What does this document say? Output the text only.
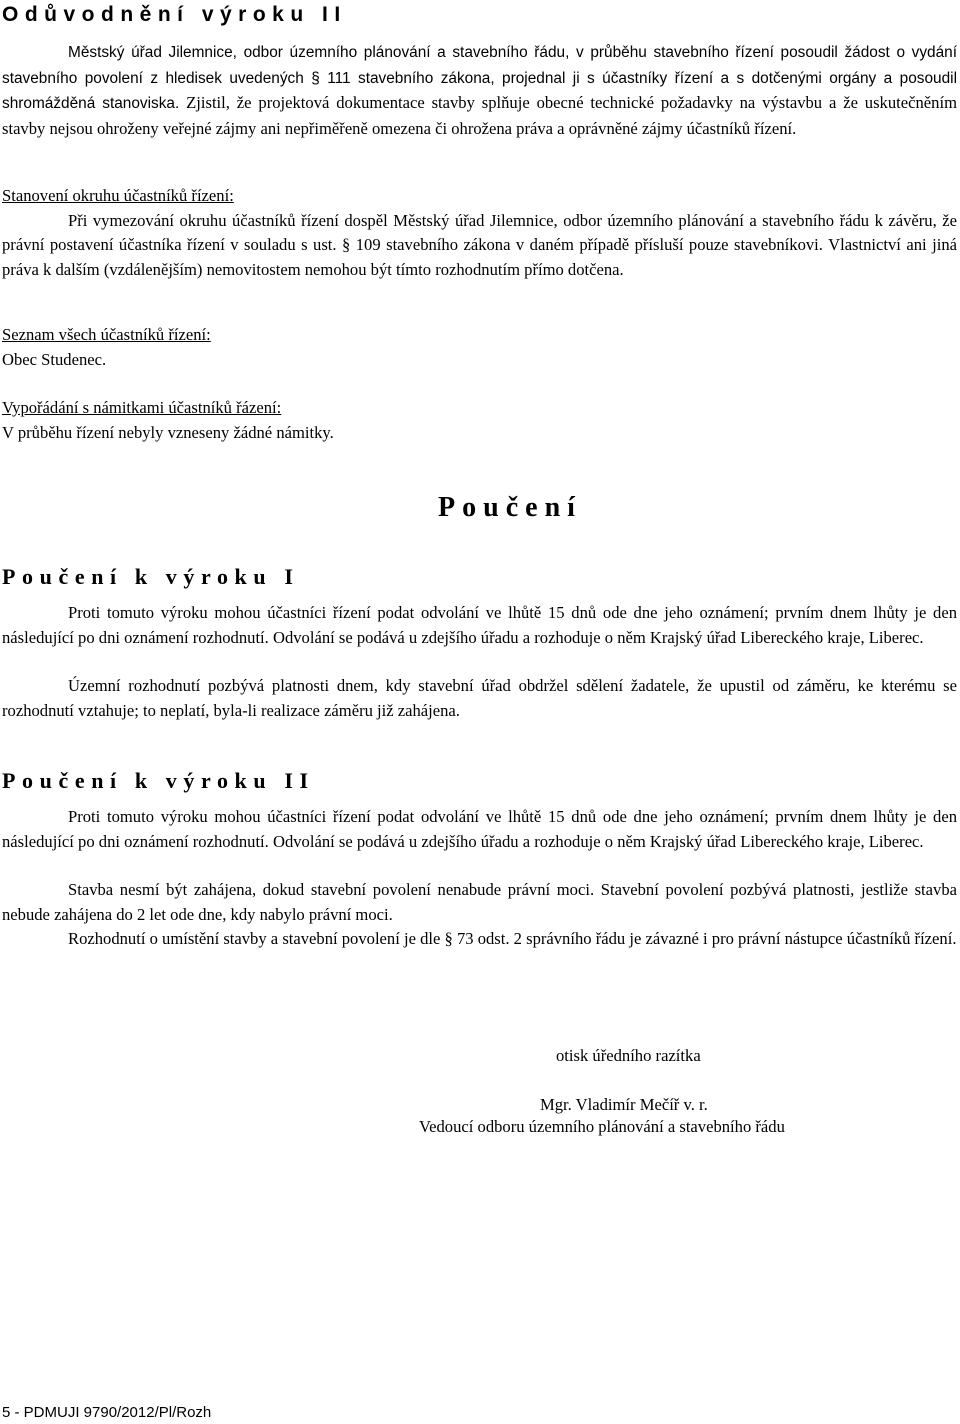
Odůvodnění výroku II

Městský úřad Jilemnice, odbor územního plánování a stavebního řádu, v průběhu stavebního řízení posoudil žádost o vydání stavebního povolení z hledisek uvedených § 111 stavebního zákona, projednal ji s účastníky řízení a s dotčenými orgány a posoudil shromážděná stanoviska. Zjistil, že projektová dokumentace stavby splňuje obecné technické požadavky na výstavbu a že uskutečněním stavby nejsou ohroženy veřejné zájmy ani nepřiměřeně omezena či ohrožena práva a oprávněné zájmy účastníků řízení.

Stanovení okruhu účastníků řízení:
Při vymezování okruhu účastníků řízení dospěl Městský úřad Jilemnice, odbor územního plánování a stavebního řádu k závěru, že právní postavení účastníka řízení v souladu s ust. § 109 stavebního zákona v daném případě přísluší pouze stavebníkovi. Vlastnictví ani jiná práva k dalším (vzdálenějším) nemovitostem nemohou být tímto rozhodnutím přímo dotčena.

Seznam všech účastníků řízení:
Obec Studenec.

Vypořádání s námitkami účastníků řázení:
V průběhu řízení nebyly vzneseny žádné námitky.

Poučení
Poučení k výroku I

Proti tomuto výroku mohou účastníci řízení podat odvolání ve lhůtě 15 dnů ode dne jeho oznámení; prvním dnem lhůty je den následující po dni oznámení rozhodnutí. Odvolání se podává u zdejšího úřadu a rozhoduje o něm Krajský úřad Libereckého kraje, Liberec.

Územní rozhodnutí pozbývá platnosti dnem, kdy stavební úřad obdržel sdělení žadatele, že upustil od záměru, ke kterému se rozhodnutí vztahuje; to neplatí, byla-li realizace záměru již zahájena.

Poučení k výroku II

Proti tomuto výroku mohou účastníci řízení podat odvolání ve lhůtě 15 dnů ode dne jeho oznámení; prvním dnem lhůty je den následující po dni oznámení rozhodnutí. Odvolání se podává u zdejšího úřadu a rozhoduje o něm Krajský úřad Libereckého kraje, Liberec.

Stavba nesmí být zahájena, dokud stavební povolení nenabude právní moci. Stavební povolení pozbývá platnosti, jestliže stavba nebude zahájena do 2 let ode dne, kdy nabylo právní moci.

Rozhodnutí o umístění stavby a stavební povolení je dle § 73 odst. 2 správního řádu je závazné i pro právní nástupce účastníků řízení.

otisk úředního razítka

Mgr. Vladimír Mečíř v. r.

Vedoucí odboru územního plánování a stavebního řádu

5 - PDMUJI 9790/2012/Pl/Rozh
